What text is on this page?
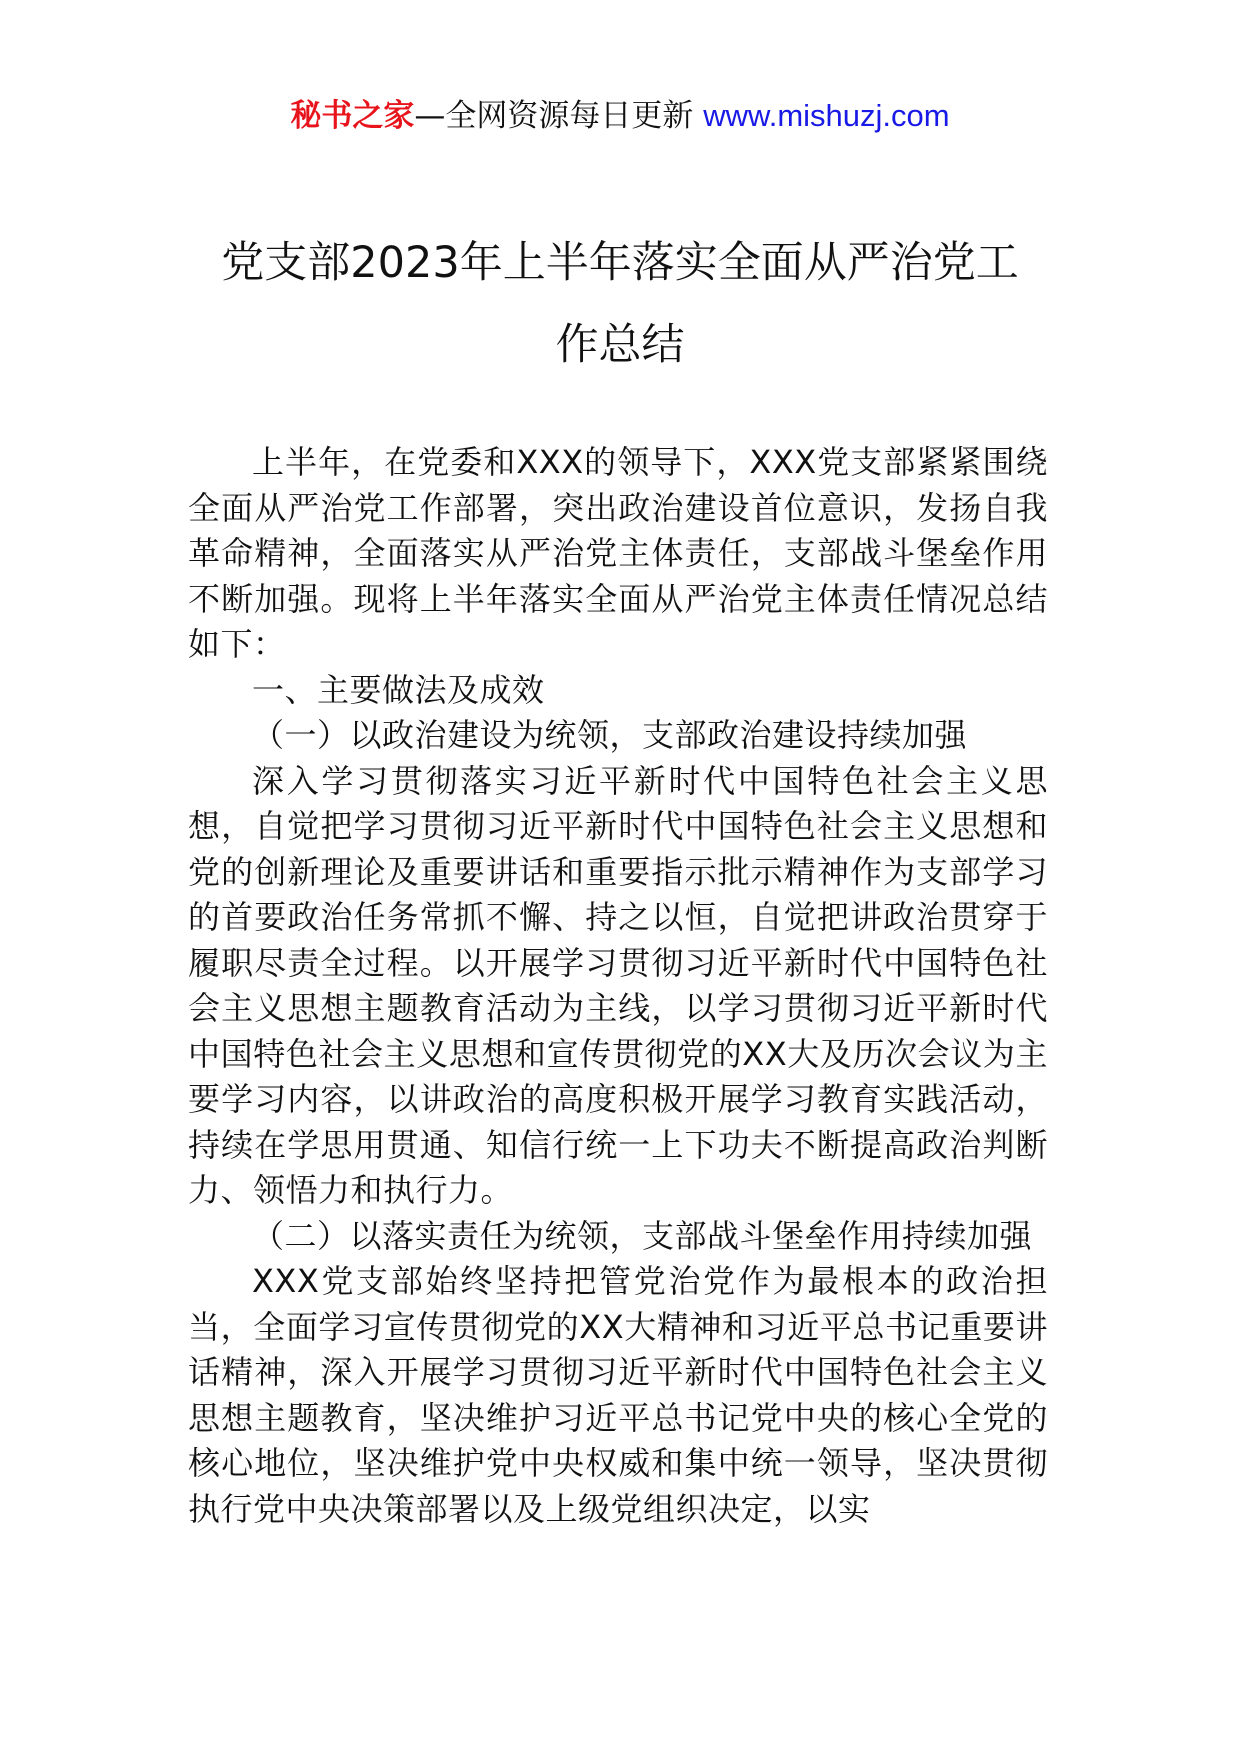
秘书之家—全网资源每日更新 www.mishuzj.com
党支部2023年上半年落实全面从严治党工
作总结

上半年，在党委和XXX的领导下，XXX党支部紧紧围绕全面从严治党工作部署，突出政治建设首位意识，发扬自我革命精神，全面落实从严治党主体责任，支部战斗堡垒作用不断加强。现将上半年落实全面从严治党主体责任情况总结如下：

一、主要做法及成效

（一）以政治建设为统领，支部政治建设持续加强

深入学习贯彻落实习近平新时代中国特色社会主义思想，自觉把学习贯彻习近平新时代中国特色社会主义思想和党的创新理论及重要讲话和重要指示批示精神作为支部学习的首要政治任务常抓不懈、持之以恒，自觉把讲政治贯穿于履职尽责全过程。以开展学习贯彻习近平新时代中国特色社会主义思想主题教育活动为主线，以学习贯彻习近平新时代中国特色社会主义思想和宣传贯彻党的XX大及历次会议为主要学习内容，以讲政治的高度积极开展学习教育实践活动，持续在学思用贯通、知信行统一上下功夫不断提高政治判断力、领悟力和执行力。

（二）以落实责任为统领，支部战斗堡垒作用持续加强

XXX党支部始终坚持把管党治党作为最根本的政治担当，全面学习宣传贯彻党的XX大精神和习近平总书记重要讲话精神，深入开展学习贯彻习近平新时代中国特色社会主义思想主题教育，坚决维护习近平总书记党中央的核心全党的核心地位，坚决维护党中央权威和集中统一领导，坚决贯彻执行党中央决策部署以及上级党组织决定，以实
